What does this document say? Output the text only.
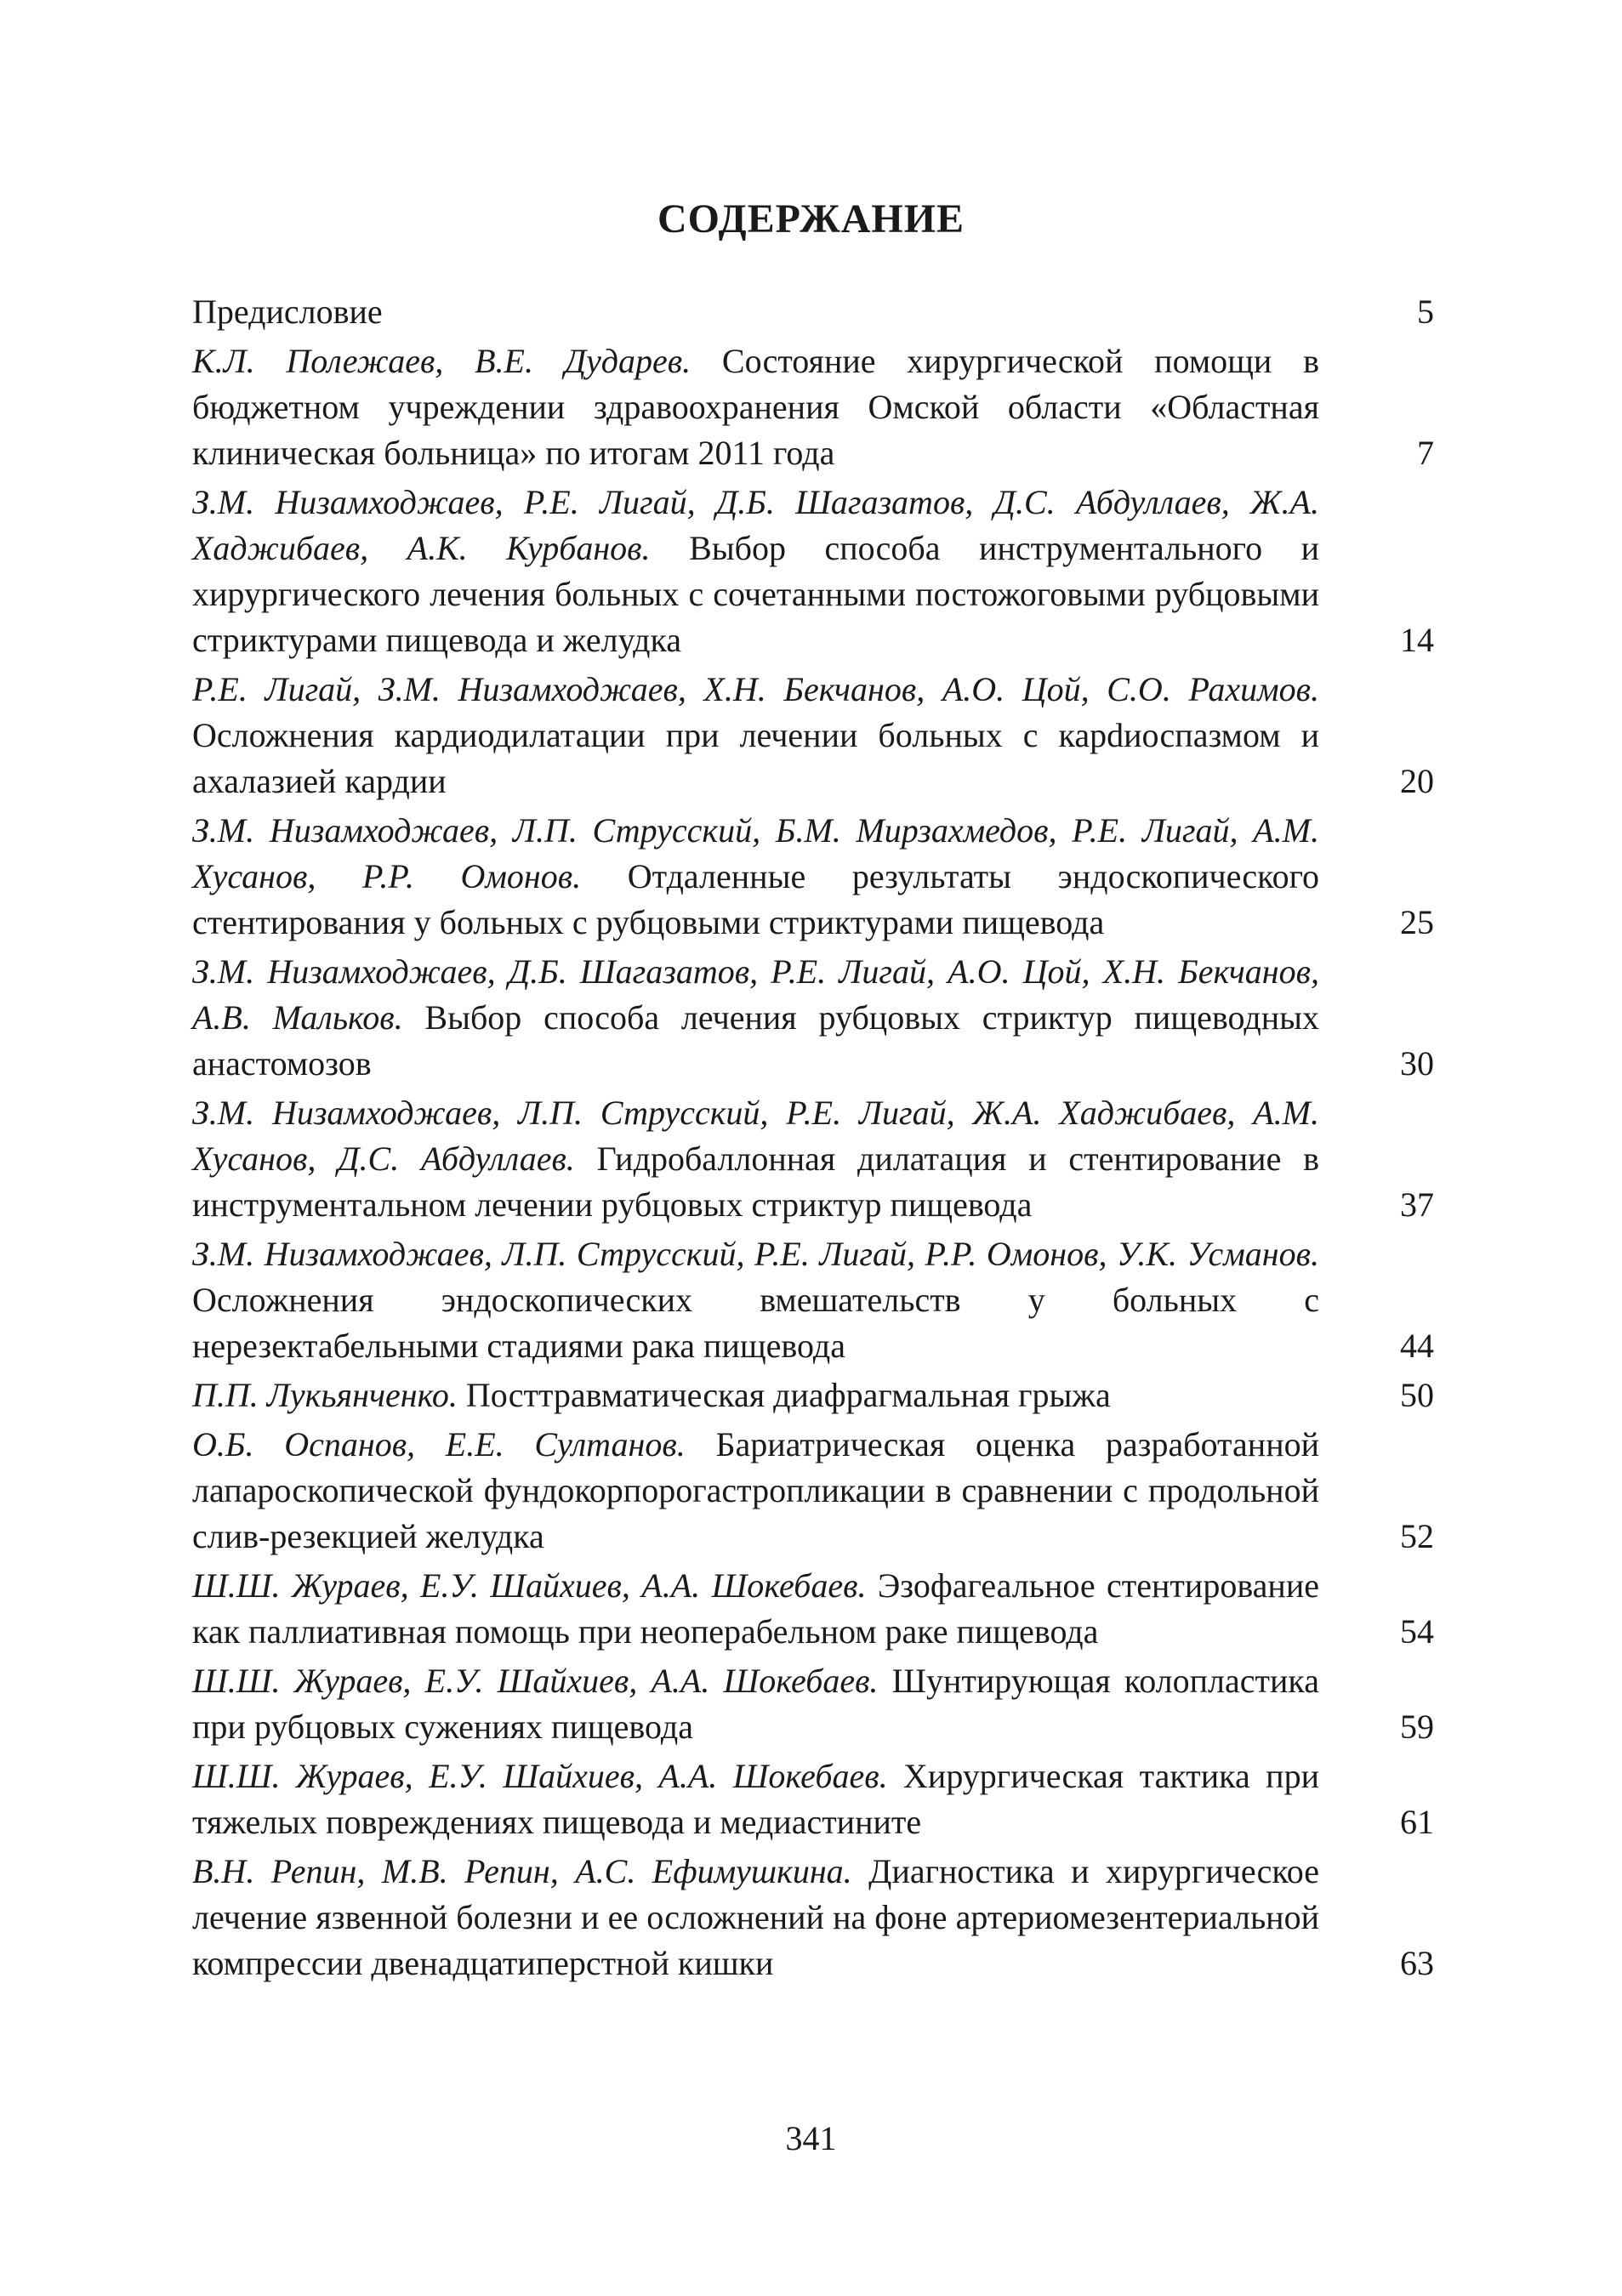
СОДЕРЖАНИЕ
Предисловие	5
К.Л. Полежаев, В.Е. Дударев. Состояние хирургической помощи в бюджетном учреждении здравоохранения Омской области «Областная клиническая больница» по итогам 2011 года	7
З.М. Низамходжаев, Р.Е. Лигай, Д.Б. Шагазатов, Д.С. Абдуллаев, Ж.А. Хаджибаев, А.К. Курбанов. Выбор способа инструментального и хирургического лечения больных с сочетанными постожоговыми рубцовыми стриктурами пищевода и желудка	14
Р.Е. Лигай, З.М. Низамходжаев, Х.Н. Бекчанов, А.О. Цой, С.О. Рахимов. Осложнения кардиодилатации при лечении больных с карdиоспазмом и ахалазией кардии	20
З.М. Низамходжаев, Л.П. Струсский, Б.М. Мирзахмедов, Р.Е. Лигай, А.М. Хусанов, Р.Р. Омонов. Отдаленные результаты эндоскопического стентирования у больных с рубцовыми стриктурами пищевода	25
З.М. Низамходжаев, Д.Б. Шагазатов, Р.Е. Лигай, А.О. Цой, Х.Н. Бекчанов, А.В. Мальков. Выбор способа лечения рубцовых стриктур пищеводных анастомозов	30
З.М. Низамходжаев, Л.П. Струсский, Р.Е. Лигай, Ж.А. Хаджибаев, А.М. Хусанов, Д.С. Абдуллаев. Гидробаллонная дилатация и стентирование в инструментальном лечении рубцовых стриктур пищевода	37
З.М. Низамходжаев, Л.П. Струсский, Р.Е. Лигай, Р.Р. Омонов, У.К. Усманов. Осложнения эндоскопических вмешательств у больных с нерезектабельными стадиями рака пищевода	44
П.П. Лукьянченко. Посттравматическая диафрагмальная грыжа	50
О.Б. Оспанов, Е.Е. Султанов. Бариатрическая оценка разработанной лапароскопической фундокорпорогастропликации в сравнении с продольной слив-резекцией желудка	52
Ш.Ш. Жураев, Е.У. Шайхиев, А.А. Шокебаев. Эзофагеальное стентирование как паллиативная помощь при неоперабельном раке пищевода	54
Ш.Ш. Жураев, Е.У. Шайхиев, А.А. Шокебаев. Шунтирующая колопластика при рубцовых сужениях пищевода	59
Ш.Ш. Жураев, Е.У. Шайхиев, А.А. Шокебаев. Хирургическая тактика при тяжелых повреждениях пищевода и медиастините	61
В.Н. Репин, М.В. Репин, А.С. Ефимушкина. Диагностика и хирургическое лечение язвенной болезни и ее осложнений на фоне артериомезентериальной компрессии двенадцатиперстной кишки	63
341
